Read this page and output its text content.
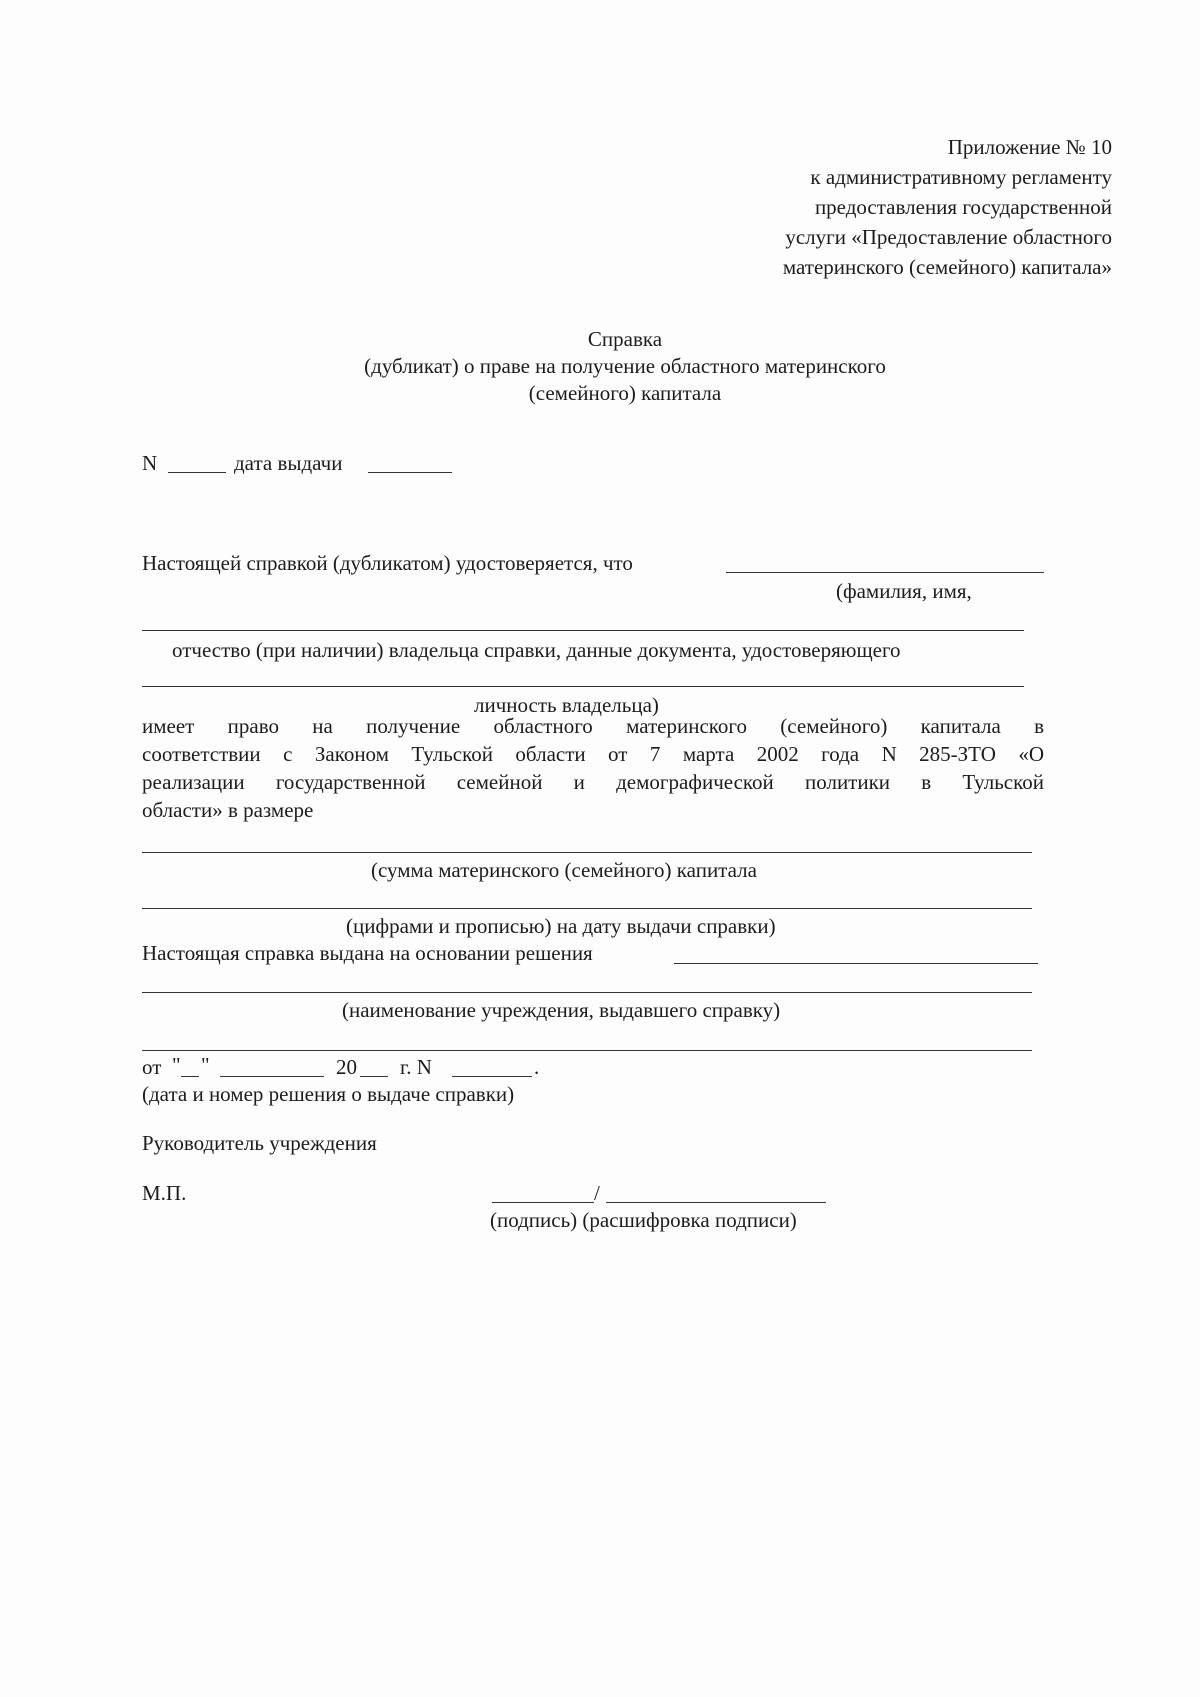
Приложение № 10
к административному регламенту
предоставления государственной
услуги «Предоставление областного
материнского (семейного) капитала»
Справка
(дубликат) о праве на получение областного материнского
(семейного) капитала
N	дата выдачи
Настоящей справкой (дубликатом) удостоверяется, что
(фамилия, имя,
отчество (при наличии) владельца справки, данные документа, удостоверяющего
личность владельца)
имеет право на получение областного материнского (семейного) капитала в
соответствии с Законом Тульской области от 7 марта 2002 года N 285-ЗТО «О
реализации государственной семейной и демографической политики в Тульской
области» в размере
(сумма материнского (семейного) капитала
(цифрами и прописью) на дату выдачи справки)
Настоящая справка выдана на основании решения
(наименование учреждения, выдавшего справку)
от " "	20 г. N	.
(дата и номер решения о выдаче справки)
Руководитель учреждения
М.П.	/
(подпись) (расшифровка подписи)
